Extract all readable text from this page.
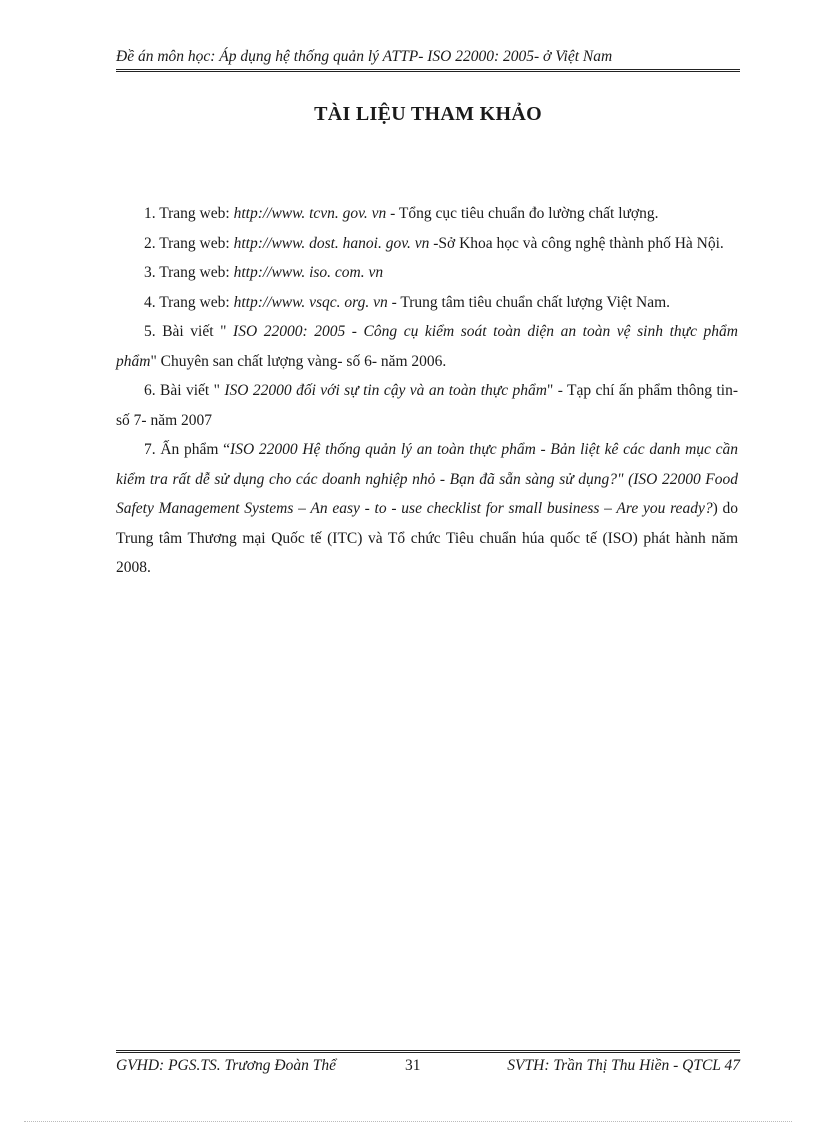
Đề án môn học: Áp dụng hệ thống quản lý ATTP- ISO 22000: 2005- ở Việt Nam
TÀI LIỆU THAM KHẢO

1. Trang web: http://www. tcvn. gov. vn - Tổng cục tiêu chuẩn đo lường chất lượng.

2. Trang web: http://www. dost. hanoi. gov. vn -Sở Khoa học và công nghệ thành phố Hà Nội.

3. Trang web: http://www. iso. com. vn

4. Trang web: http://www. vsqc. org. vn - Trung tâm tiêu chuẩn chất lượng Việt Nam.

5. Bài viết " ISO 22000: 2005 - Công cụ kiểm soát toàn diện an toàn vệ sinh thực phẩm            phẩm" Chuyên san chất lượng vàng- số 6- năm 2006.

6. Bài viết " ISO 22000 đối với sự tin cậy và an toàn thực phẩm" - Tạp chí ấn phẩm thông tin- số 7- năm 2007

7. Ấn phẩm “ISO 22000 Hệ thống quản lý an toàn thực phẩm - Bản liệt kê các danh mục cần kiểm tra rất dễ sử dụng cho các doanh nghiệp nhỏ - Bạn đã sẵn sàng sử dụng?" (ISO 22000 Food Safety Management Systems – An easy - to - use checklist for small business – Are you ready?) do Trung tâm Thương mại Quốc tế (ITC) và Tổ chức Tiêu chuẩn húa quốc tế (ISO) phát hành năm 2008.

GVHD: PGS.TS. Trương Đoàn Thể	31	SVTH: Trần Thị Thu Hiền - QTCL 47
